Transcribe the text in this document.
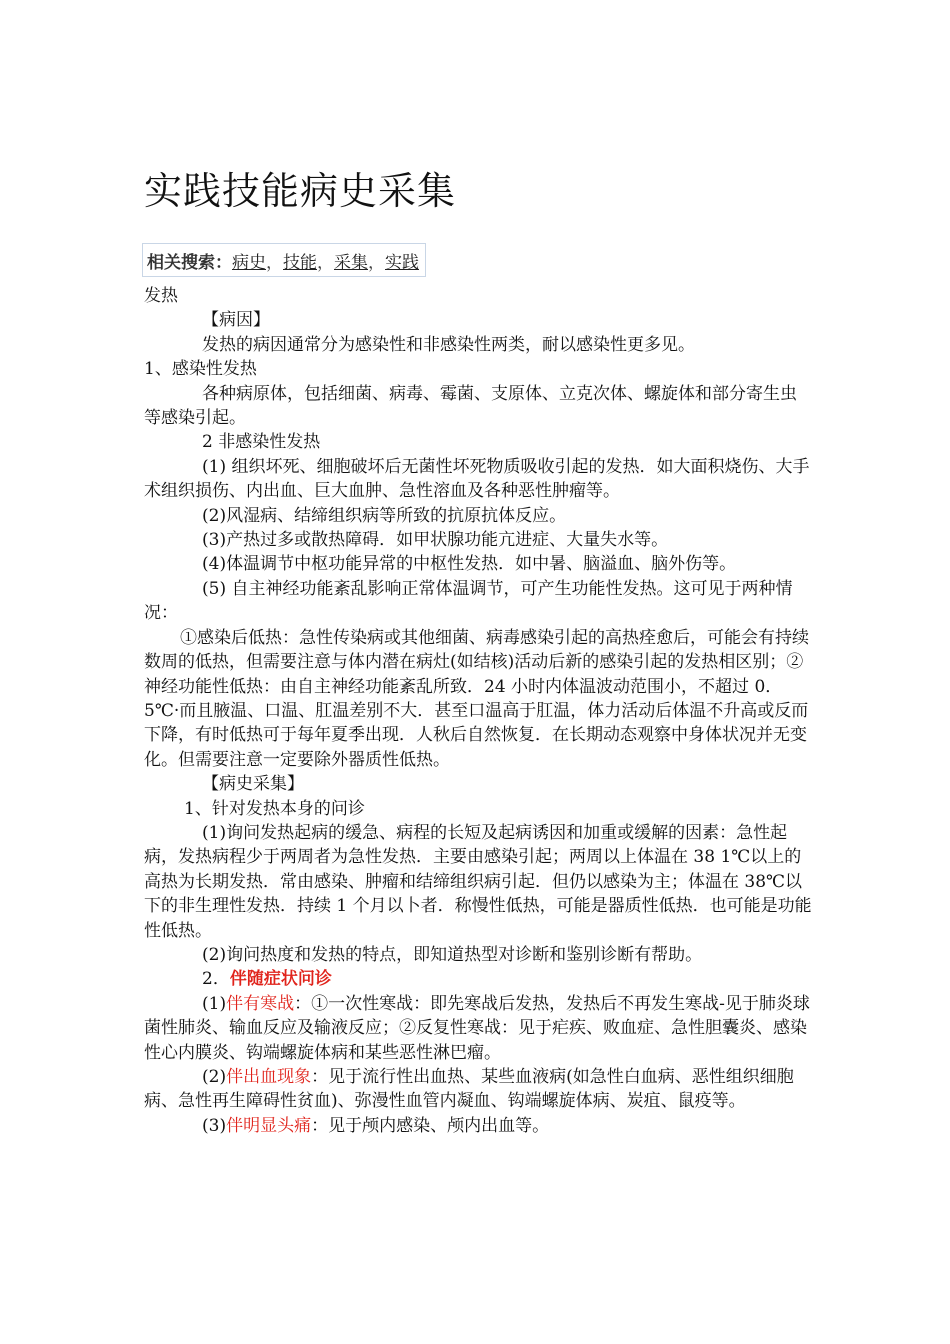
实践技能病史采集
相关搜索：病史，技能，采集，实践

发热

【病因】

发热的病因通常分为感染性和非感染性两类，耐以感染性更多见。

1、感染性发热

各种病原体，包括细菌、病毒、霉菌、支原体、立克次体、螺旋体和部分寄生虫等感染引起。

2 非感染性发热

(1) 组织坏死、细胞破坏后无菌性坏死物质吸收引起的发热．如大面积烧伤、大手术组织损伤、内出血、巨大血肿、急性溶血及各种恶性肿瘤等。

(2)风湿病、结缔组织病等所致的抗原抗体反应。

(3)产热过多或散热障碍．如甲状腺功能亢进症、大量失水等。

(4)体温调节中枢功能异常的中枢性发热．如中暑、脑溢血、脑外伤等。

(5) 自主神经功能紊乱影响正常体温调节，可产生功能性发热。这可见于两种情况：

①感染后低热：急性传染病或其他细菌、病毒感染引起的高热痊愈后，可能会有持续数周的低热，但需要注意与体内潜在病灶(如结核)活动后新的感染引起的发热相区别；②神经功能性低热：由自主神经功能紊乱所致．24 小时内体温波动范围小，不超过 0．5℃·而且腋温、口温、肛温差别不大．甚至口温高于肛温，体力活动后体温不升高或反而下降，有时低热可于每年夏季出现．人秋后自然恢复．在长期动态观察中身体状况并无变化。但需要注意一定要除外器质性低热。

【病史采集】

1、针对发热本身的问诊

(1)询问发热起病的缓急、病程的长短及起病诱因和加重或缓解的因素：急性起病，发热病程少于两周者为急性发热．主要由感染引起；两周以上体温在 38 1℃以上的高热为长期发热．常由感染、肿瘤和结缔组织病引起．但仍以感染为主；体温在 38℃以下的非生理性发热．持续 1 个月以卜者．称慢性低热，可能是器质性低热．也可能是功能性低热。

(2)询问热度和发热的特点，即知道热型对诊断和鉴别诊断有帮助。

2．伴随症状问诊

(1)伴有寒战：①一次性寒战：即先寒战后发热，发热后不再发生寒战-见于肺炎球菌性肺炎、输血反应及输液反应；②反复性寒战：见于疟疾、败血症、急性胆囊炎、感染性心内膜炎、钩端螺旋体病和某些恶性淋巴瘤。

(2)伴出血现象：见于流行性出血热、某些血液病(如急性白血病、恶性组织细胞病、急性再生障碍性贫血)、弥漫性血管内凝血、钩端螺旋体病、炭疽、鼠疫等。

(3)伴明显头痛：见于颅内感染、颅内出血等。
